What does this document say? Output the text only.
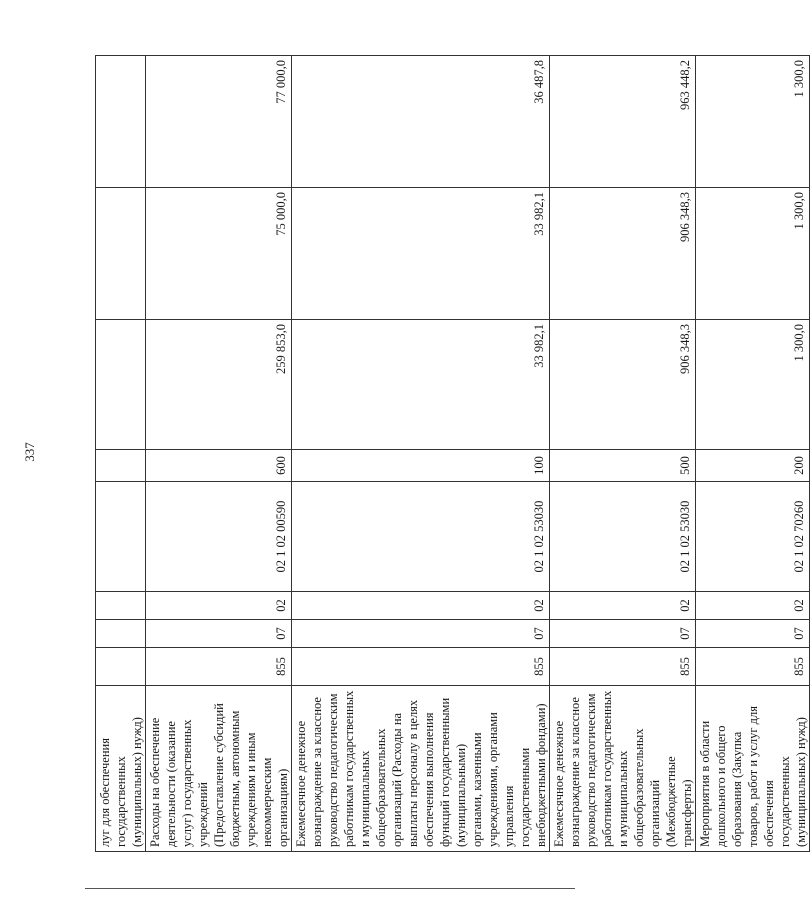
337
луг для обеспечения государственных (муниципальных) нужд)								
Расходы на обеспечение деятельности (оказание услуг) государственных учреждений (Предоставление субсидий бюджетным, автономным учреждениям и иным некоммерческим организациям)	855	07	02	02 1 02 00590	600	259 853,0	75 000,0	77 000,0
Ежемесячное денежное вознаграждение за классное руководство педагогическим работникам государственных и муниципальных общеобразовательных организаций (Расходы на выплаты персоналу в целях обеспечения выполнения функций государственными (муниципальными) органами, казенными учреждениями, органами управления государственными внебюджетными фондами)	855	07	02	02 1 02 53030	100	33 982,1	33 982,1	36 487,8
Ежемесячное денежное вознаграждение за классное руководство педагогическим работникам государственных и муниципальных общеобразовательных организаций (Межбюджетные трансферты)	855	07	02	02 1 02 53030	500	906 348,3	906 348,3	963 448,2
Мероприятия в области дошкольного и общего образования (Закупка товаров, работ и услуг для обеспечения государственных (муниципальных) нужд)	855	07	02	02 1 02 70260	200	1 300,0	1 300,0	1 300,0
